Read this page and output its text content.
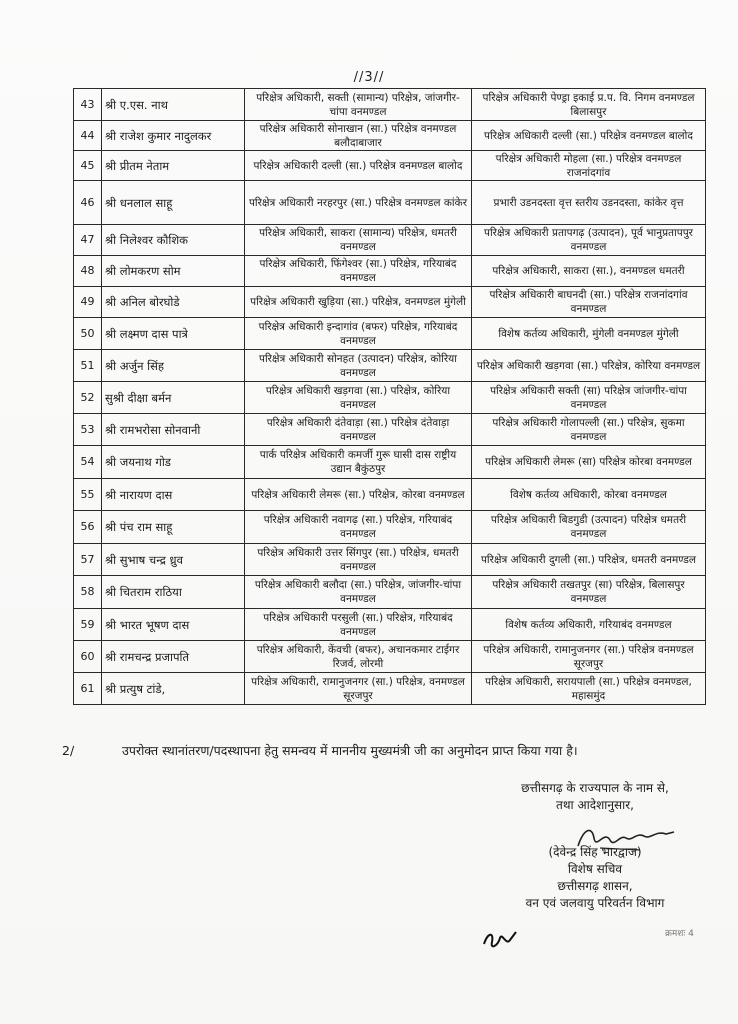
//3//
43	श्री ए.एस. नाथ	परिक्षेत्र अधिकारी, सक्ती (सामान्य) परिक्षेत्र, जांजगीर-चांपा वनमण्डल	परिक्षेत्र अधिकारी पेण्ड्रा इकाई प्र.प. वि. निगम वनमण्डल बिलासपुर
44	श्री राजेश कुमार नादुलकर	परिक्षेत्र अधिकारी सोनाखान (सा.) परिक्षेत्र वनमण्डल बलौदाबाजार	परिक्षेत्र अधिकारी दल्ली (सा.) परिक्षेत्र वनमण्डल बालोद
45	श्री प्रीतम नेताम	परिक्षेत्र अधिकारी दल्ली (सा.) परिक्षेत्र वनमण्डल बालोद	परिक्षेत्र अधिकारी मोहला (सा.) परिक्षेत्र वनमण्डल राजनांदगांव
46	श्री धनलाल साहू	परिक्षेत्र अधिकारी नरहरपुर (सा.) परिक्षेत्र वनमण्डल कांकेर	प्रभारी उडनदस्ता वृत्त स्तरीय उडनदस्ता, कांकेर वृत्त
47	श्री निलेश्वर कौशिक	परिक्षेत्र अधिकारी, साकरा (सामान्य) परिक्षेत्र, धमतरी वनमण्डल	परिक्षेत्र अधिकारी प्रतापगढ़ (उत्पादन), पूर्व भानुप्रतापपुर वनमण्डल
48	श्री लोमकरण सोम	परिक्षेत्र अधिकारी, फिंगेश्वर (सा.) परिक्षेत्र, गरियाबंद वनमण्डल	परिक्षेत्र अधिकारी, साकरा (सा.), वनमण्डल धमतरी
49	श्री अनिल बोरघोडे	परिक्षेत्र अधिकारी खुड़िया (सा.) परिक्षेत्र, वनमण्डल मुंगेली	परिक्षेत्र अधिकारी बाघनदी (सा.) परिक्षेत्र राजनांदगांव वनमण्डल
50	श्री लक्ष्मण दास पात्रे	परिक्षेत्र अधिकारी इन्दागांव (बफर) परिक्षेत्र, गरियाबंद वनमण्डल	विशेष कर्तव्य अधिकारी, मुंगेली वनमण्डल मुंगेली
51	श्री अर्जुन सिंह	परिक्षेत्र अधिकारी सोनहत (उत्पादन) परिक्षेत्र, कोरिया वनमण्डल	परिक्षेत्र अधिकारी खड़गवा (सा.) परिक्षेत्र, कोरिया वनमण्डल
52	सुश्री दीक्षा बर्मन	परिक्षेत्र अधिकारी खड़गवा (सा.) परिक्षेत्र, कोरिया वनमण्डल	परिक्षेत्र अधिकारी सक्ती (सा) परिक्षेत्र जांजगीर-चांपा वनमण्डल
53	श्री रामभरोसा सोनवानी	परिक्षेत्र अधिकारी दंतेवाड़ा (सा.) परिक्षेत्र दंतेवाड़ा वनमण्डल	परिक्षेत्र अधिकारी गोलापल्ली (सा.) परिक्षेत्र, सुकमा वनमण्डल
54	श्री जयनाथ गोड	पार्क परिक्षेत्र अधिकारी कमर्जी गुरू घासी दास राष्ट्रीय उद्यान बैकुंठपुर	परिक्षेत्र अधिकारी लेमरू (सा) परिक्षेत्र कोरबा वनमण्डल
55	श्री नारायण दास	परिक्षेत्र अधिकारी लेमरू (सा.) परिक्षेत्र, कोरबा वनमण्डल	विशेष कर्तव्य अधिकारी, कोरबा वनमण्डल
56	श्री पंच राम साहू	परिक्षेत्र अधिकारी नवागढ़ (सा.) परिक्षेत्र, गरियाबंद वनमण्डल	परिक्षेत्र अधिकारी बिडगुडी (उत्पादन) परिक्षेत्र धमतरी वनमण्डल
57	श्री सुभाष चन्द्र ध्रुव	परिक्षेत्र अधिकारी उत्तर सिंगपुर (सा.) परिक्षेत्र, धमतरी वनमण्डल	परिक्षेत्र अधिकारी दुगली (सा.) परिक्षेत्र, धमतरी वनमण्डल
58	श्री चितराम राठिया	परिक्षेत्र अधिकारी बलौदा (सा.) परिक्षेत्र, जांजगीर-चांपा वनमण्डल	परिक्षेत्र अधिकारी तखतपुर (सा) परिक्षेत्र, बिलासपुर वनमण्डल
59	श्री भारत भूषण दास	परिक्षेत्र अधिकारी परसुली (सा.) परिक्षेत्र, गरियाबंद वनमण्डल	विशेष कर्तव्य अधिकारी, गरियाबंद वनमण्डल
60	श्री रामचन्द्र प्रजापति	परिक्षेत्र अधिकारी, केंवची (बफर), अचानकमार टाईगर रिजर्व, लोरमी	परिक्षेत्र अधिकारी, रामानुजनगर (सा.) परिक्षेत्र वनमण्डल सूरजपुर
61	श्री प्रत्युष टांडे,	परिक्षेत्र अधिकारी, रामानुजनगर (सा.) परिक्षेत्र, वनमण्डल सूरजपुर	परिक्षेत्र अधिकारी, सरायपाली (सा.) परिक्षेत्र वनमण्डल, महासमुंद
2/	उपरोक्त स्थानांतरण/पदस्थापना हेतु समन्वय में माननीय मुख्यमंत्री जी का अनुमोदन प्राप्त किया गया है।
छत्तीसगढ़ के राज्यपाल के नाम से,
तथा आदेशानुसार,
(देवेन्द्र सिंह भारद्वाज)
विशेष सचिव
छत्तीसगढ़ शासन,
वन एवं जलवायु परिवर्तन विभाग
क्रमशः 4
